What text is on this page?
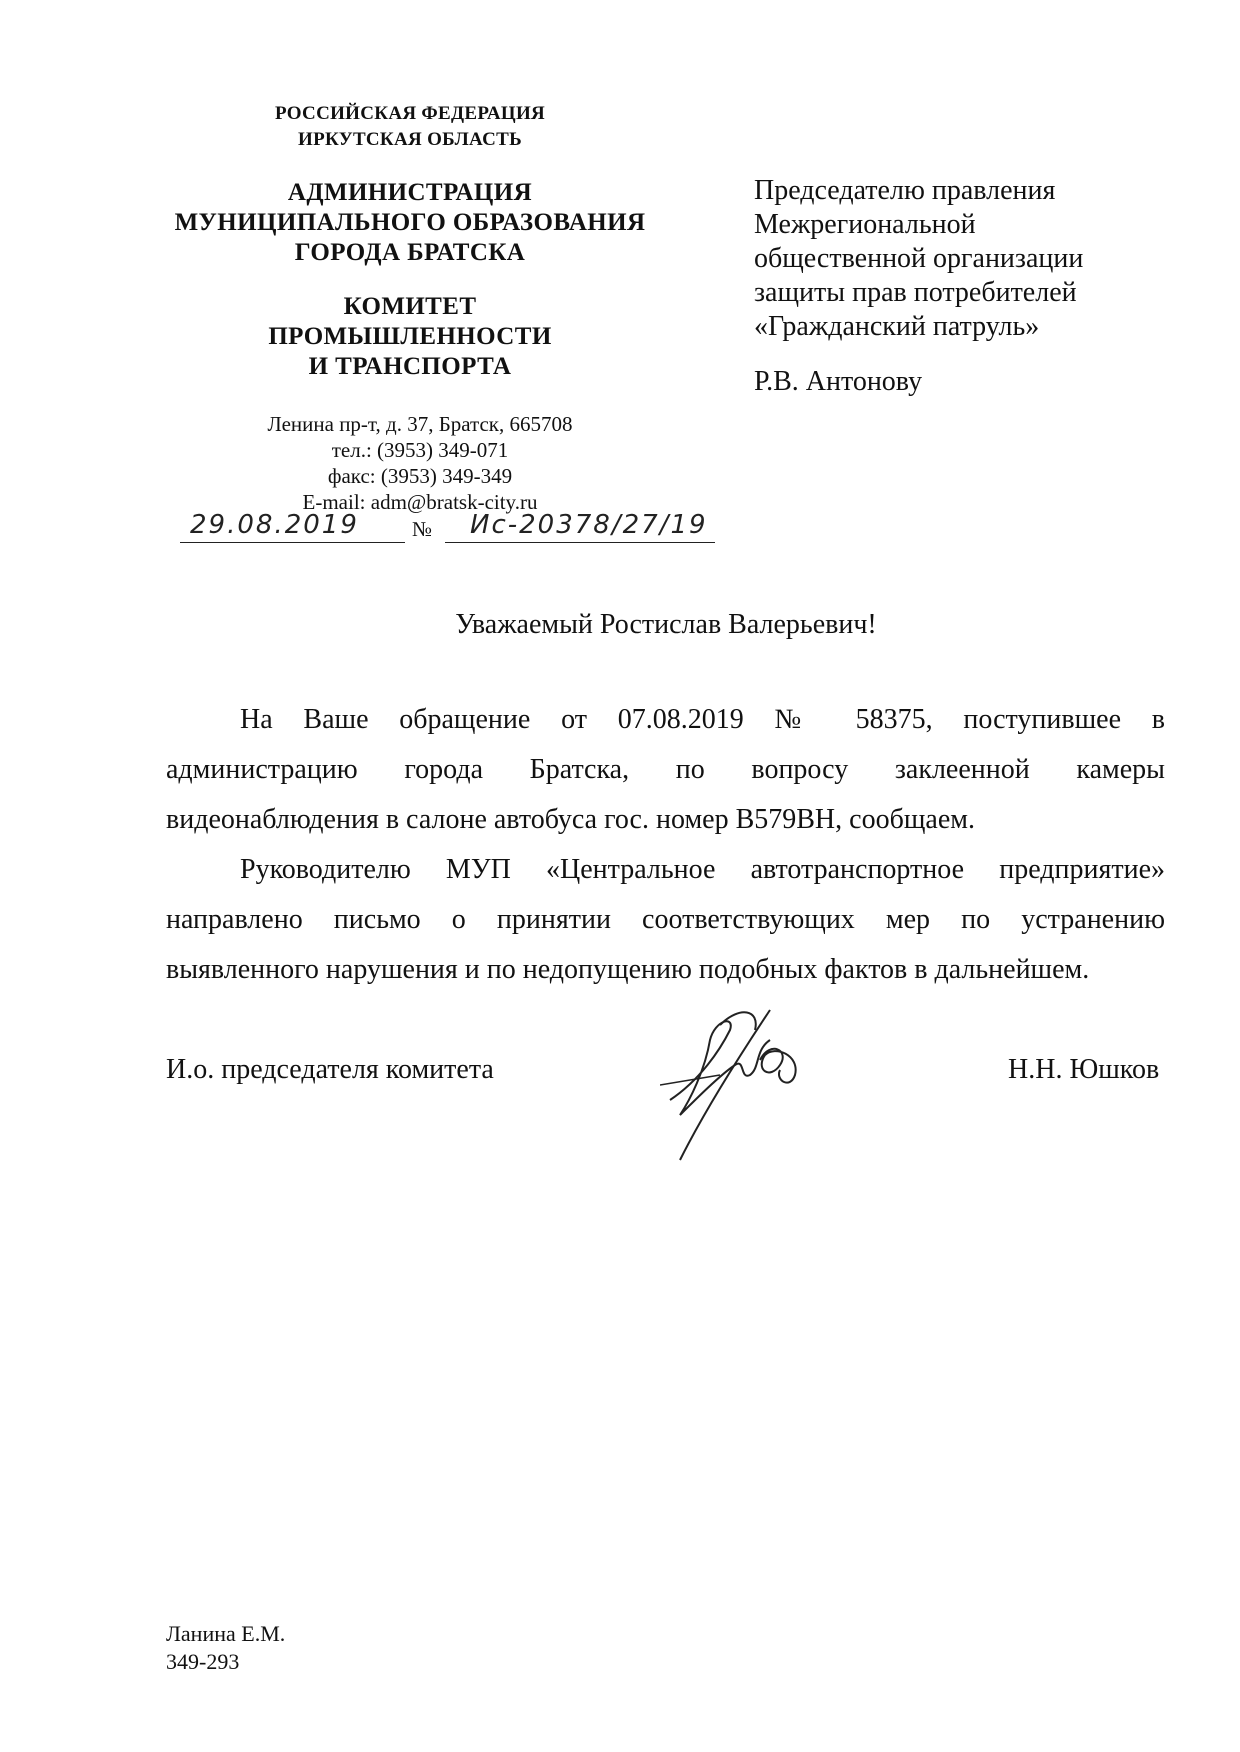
РОССИЙСКАЯ ФЕДЕРАЦИЯ
ИРКУТСКАЯ ОБЛАСТЬ
АДМИНИСТРАЦИЯ
МУНИЦИПАЛЬНОГО ОБРАЗОВАНИЯ
ГОРОДА БРАТСКА
КОМИТЕТ
ПРОМЫШЛЕННОСТИ
И ТРАНСПОРТА
Ленина пр-т, д. 37, Братск, 665708
тел.: (3953) 349-071
факс: (3953) 349-349
E-mail: adm@bratsk-city.ru
29.08.2019	№ Ис-20378/27/19
Председателю правления
Межрегиональной
общественной организации
защиты прав потребителей
«Гражданский патруль»
Р.В. Антонову
Уважаемый Ростислав Валерьевич!
На Ваше обращение от 07.08.2019 № 58375, поступившее в
администрацию города Братска, по вопросу заклеенной камеры
видеонаблюдения в салоне автобуса гос. номер В579ВН, сообщаем.
Руководителю МУП «Центральное автотранспортное предприятие»
направлено письмо о принятии соответствующих мер по устранению
выявленного нарушения и по недопущению подобных фактов в дальнейшем.
И.о. председателя комитета	Н.Н. Юшков
Ланина Е.М.
349-293
